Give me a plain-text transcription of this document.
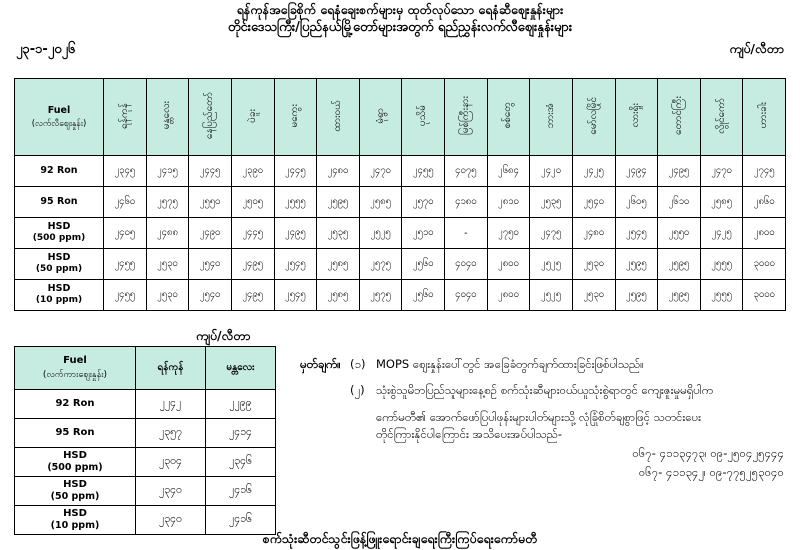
ရန်ကုန်အခြေစိုက် ရေနံချေးစက်များမှ ထုတ်လုပ်သော ရေနံဆီဈေးနှုန်းများ
တိုင်းဒေသကြီး/ပြည်နယ်မြို့တော်များအတွက် ရည်ညွှန်းလက်လီဈေးနှုန်းများ
၂၃-၁-၂၀၂၆	ကျပ်/လီတာ
Fuel
(လက်လီဈေးနှုန်း)	ရန်ကုန်	မန္တလေး	နေပြည်တော်	ပဲခူး	မကွေး	ထားဝယ်	မုံရွာ	ပုသိမ်	မြစ်ကြီးနား	စစ်တွေ	ဘားအံ	မော်လမြိုင်	လားရှိုး	တောင်ကြီး	လွိုင်ကော်	ဟားခါး
92 Ron	၂၃၄၅	၂၄၁၅	၂၄၄၅	၂၃၉၀	၂၄၄၅	၂၄၈၀	၂၄၇၀	၂၄၅၅	၄၀၇၅	၂၆၈၄	၂၄၂၀	၂၄၂၅	၂၄၉၄	၂၄၉၅	၂၄၇၀	၂၇၄၅
95 Ron	၂၄၆၀	၂၅၇၅	၂၅၅၀	၂၅၀၅	၂၅၅၅	၂၅၉၅	၂၅၈၅	၂၅၇၀	၄၁၈၀	၂၈၁၀	၂၅၃၅	၂၅၄၀	၂၆၀၅	၂၆၁၀	၂၅၈၅	၂၈၆၀
HSD
(500 ppm)	၂၄၀၅	၂၄၈၈	၂၄၉၀	၂၄၄၅	၂၄၉၅	၂၅၃၅	၂၅၂၅	၂၅၁၀	-	၂၇၅၀	၂၄၇၅	၂၄၈၀	၂၅၄၅	၂၅၅၀	၂၄၂၅	၂၈၀၀
HSD
(50 ppm)	၂၄၅၅	၂၅၃၀	၂၅၄၀	၂၄၉၅	၂၅၄၅	၂၅၈၅	၂၅၇၅	၂၅၆၀	၄၀၄၀	၂၈၀၀	၂၅၂၅	၂၅၃၀	၂၅၉၅	၂၅၉၅	၂၅၅၅	၃၀၀၀
HSD
(10 ppm)	၂၄၅၅	၂၅၃၀	၂၅၄၀	၂၄၉၅	၂၅၄၅	၂၅၈၅	၂၅၇၅	၂၅၆၀	၄၀၄၀	၂၈၀၀	၂၅၂၅	၂၅၃၀	၂၅၉၅	၂၅၉၅	၂၅၅၅	၃၀၀၀
ကျပ်/လီတာ
Fuel
(လက်ကားဈေးနှုန်း)	ရန်ကုန်	မန္တလေး
92 Ron	၂၂၄၂	၂၂၉၉
95 Ron	၂၃၅၇	၂၄၁၄
HSD
(500 ppm)	၂၃၀၄	၂၃၄၆
HSD
(50 ppm)	၂၃၄၀	၂၄၁၆
HSD
(10 ppm)	၂၃၄၀	၂၄၁၆
မှတ်ချက်။ (၁) MOPS ဈေးနှုန်းပေါ်တွင် အခြေခံတွက်ချက်ထားခြင်းဖြစ်ပါသည်။
(၂) သုံးစွဲသူမိဘပြည်သူများနေ့စဉ် စက်သုံးဆီများဝယ်ယူသုံးစွဲရာတွင် ကျေးဇူးမှုမရှိပါက
ကော်မတီ၏ အောက်ဖော်ပြပါဖုန်းများပါတ်များသို့ လုံခြုံစိတ်ချစွာဖြင့် သတင်းပေး
တိုင်ကြားနိုင်ပါကြောင်း အသိပေးအပ်ပါသည်-
၀၆၇- ၄၁၁၃၄၇၃၊ ၀၉-၂၅၀၄၂၅၄၄၄
၀၆၇- ၄၁၁၃၄၂၊ ၀၉-၇၇၅၂၅၃၀၄၀
စက်သုံးဆီတင်သွင်းဖြန့်ဖြူးရောင်းချရေးကြီးကြပ်ရေးကော်မတီ
